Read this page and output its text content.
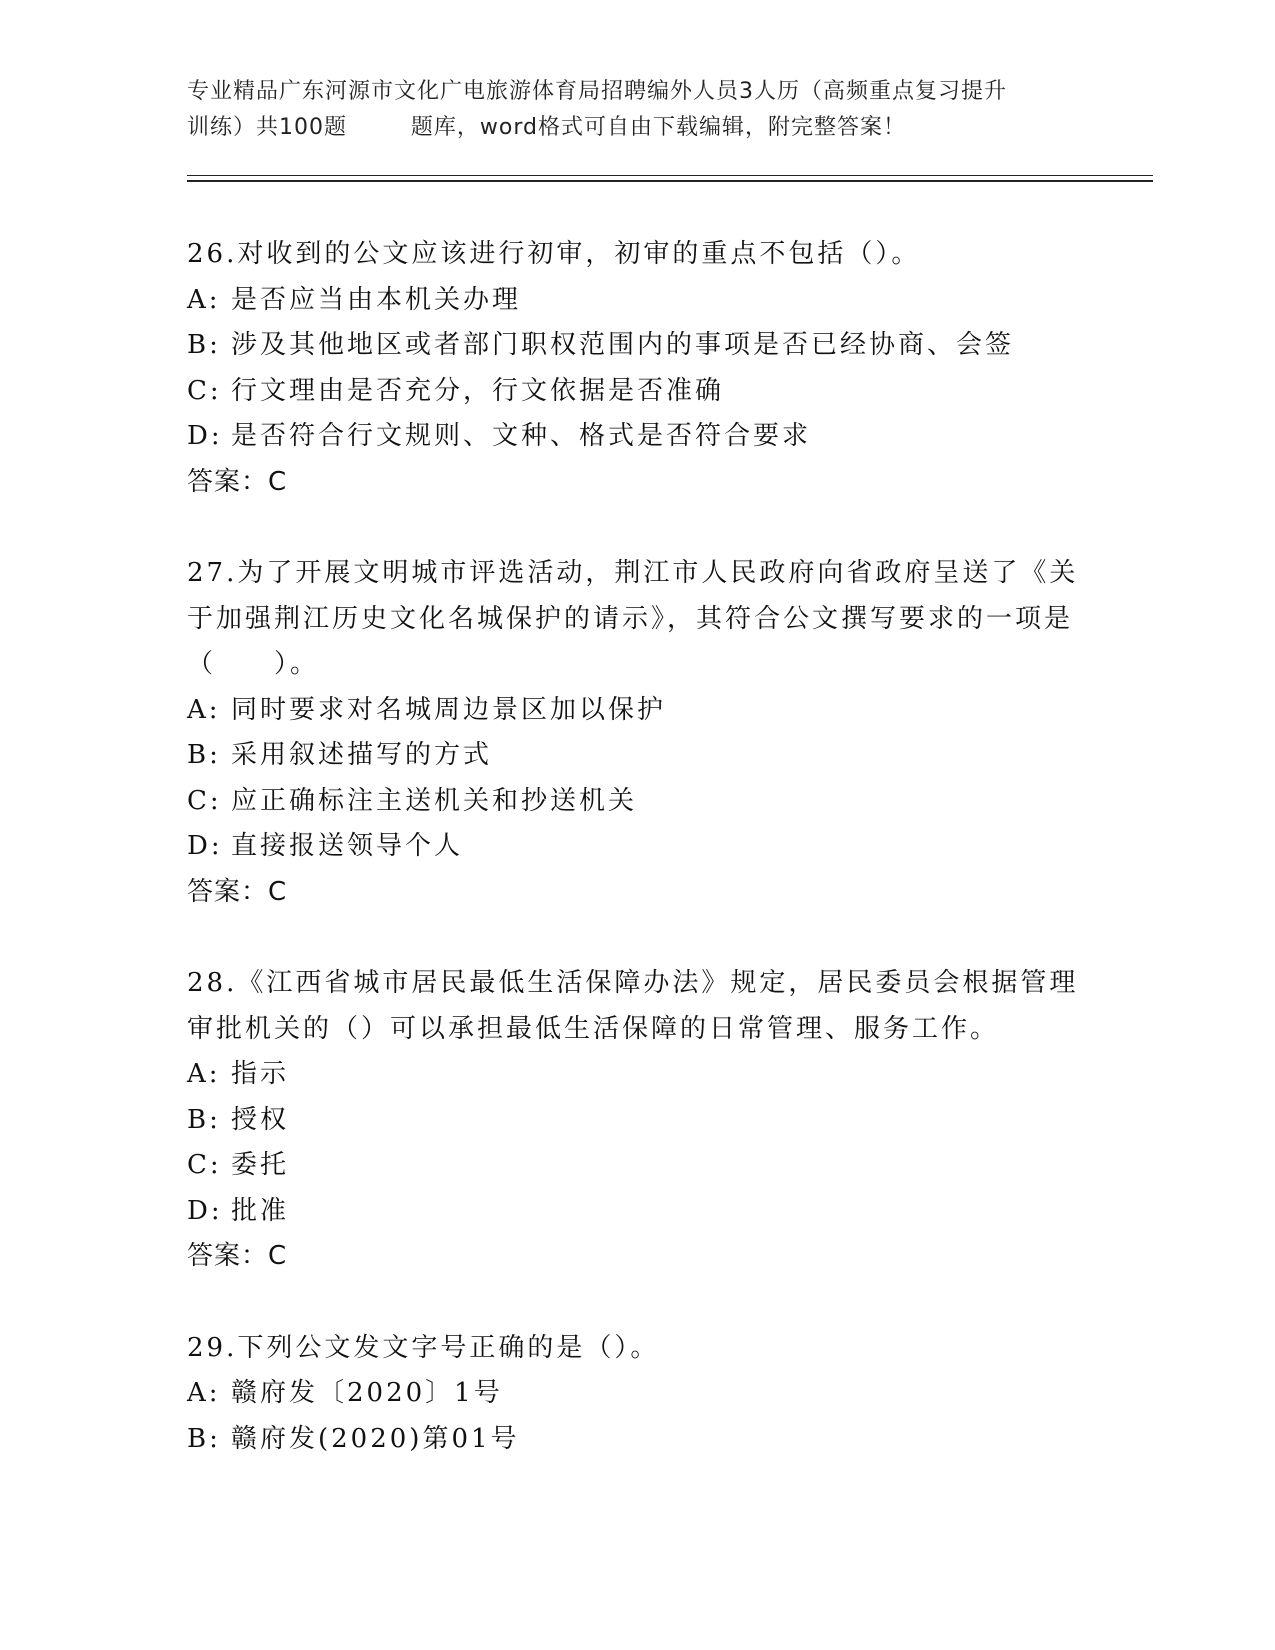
专业精品广东河源市文化广电旅游体育局招聘编外人员3人历（高频重点复习提升
训练）共100题        题库，word格式可自由下载编辑，附完整答案！
26.对收到的公文应该进行初审，初审的重点不包括（）。
A: 是否应当由本机关办理
B: 涉及其他地区或者部门职权范围内的事项是否已经协商、会签
C: 行文理由是否充分，行文依据是否准确
D: 是否符合行文规则、文种、格式是否符合要求
答案：C
27.为了开展文明城市评选活动，荆江市人民政府向省政府呈送了《关于加强荆江历史文化名城保护的请示》，其符合公文撰写要求的一项是（　　）。
A: 同时要求对名城周边景区加以保护
B: 采用叙述描写的方式
C: 应正确标注主送机关和抄送机关
D: 直接报送领导个人
答案：C
28.《江西省城市居民最低生活保障办法》规定，居民委员会根据管理审批机关的（）可以承担最低生活保障的日常管理、服务工作。
A: 指示
B: 授权
C: 委托
D: 批准
答案：C
29.下列公文发文字号正确的是（）。
A: 赣府发〔2020〕1号
B: 赣府发(2020)第01号
